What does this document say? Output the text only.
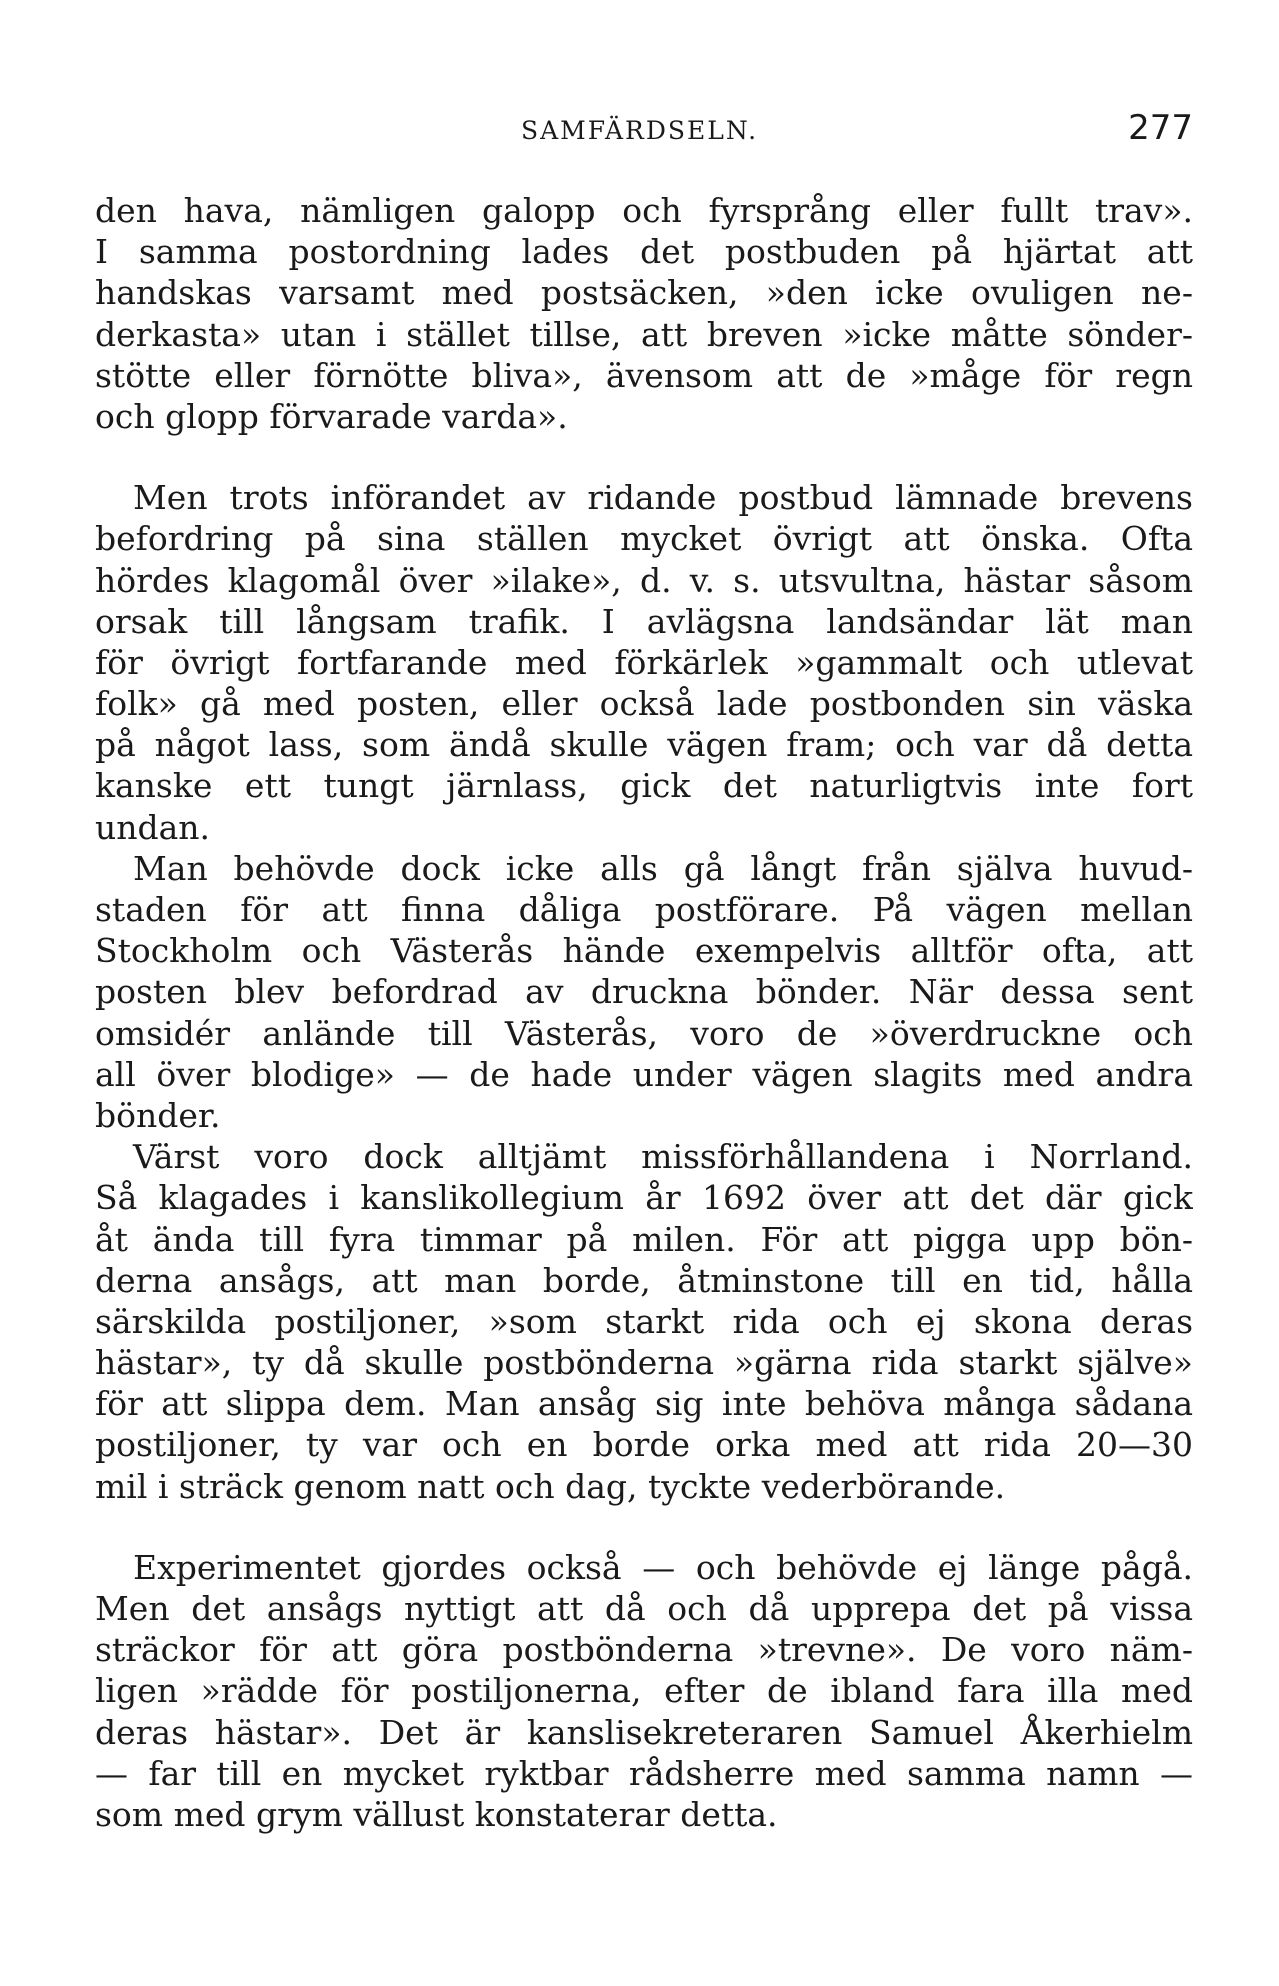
SAMFÄRDSELN.	277
den hava, nämligen galopp och fyrsprång eller fullt trav».
I samma postordning lades det postbuden på hjärtat att
handskas varsamt med postsäcken, »den icke ovuligen ne-
derkasta» utan i stället tillse, att breven »icke måtte sönder-
stötte eller förnötte bliva», ävensom att de »måge för regn
och glopp förvarade varda».
Men trots införandet av ridande postbud lämnade brevens
befordring på sina ställen mycket övrigt att önska. Ofta
hördes klagomål över »ilake», d. v. s. utsvultna, hästar såsom
orsak till långsam trafik. I avlägsna landsändar lät man
för övrigt fortfarande med förkärlek »gammalt och utlevat
folk» gå med posten, eller också lade postbonden sin väska
på något lass, som ändå skulle vägen fram; och var då detta
kanske ett tungt järnlass, gick det naturligtvis inte fort
undan.
Man behövde dock icke alls gå långt från själva huvud-
staden för att finna dåliga postförare. På vägen mellan
Stockholm och Västerås hände exempelvis alltför ofta, att
posten blev befordrad av druckna bönder. När dessa sent
omsidér anlände till Västerås, voro de »överdruckne och
all över blodige» — de hade under vägen slagits med andra
bönder.
Värst voro dock alltjämt missförhållandena i Norrland.
Så klagades i kanslikollegium år 1692 över att det där gick
åt ända till fyra timmar på milen. För att pigga upp bön-
derna ansågs, att man borde, åtminstone till en tid, hålla
särskilda postiljoner, »som starkt rida och ej skona deras
hästar», ty då skulle postbönderna »gärna rida starkt själve»
för att slippa dem. Man ansåg sig inte behöva många sådana
postiljoner, ty var och en borde orka med att rida 20—30
mil i sträck genom natt och dag, tyckte vederbörande.
Experimentet gjordes också — och behövde ej länge pågå.
Men det ansågs nyttigt att då och då upprepa det på vissa
sträckor för att göra postbönderna »trevne». De voro näm-
ligen »rädde för postiljonerna, efter de ibland fara illa med
deras hästar». Det är kanslisekreteraren Samuel Åkerhielm
— far till en mycket ryktbar rådsherre med samma namn —
som med grym vällust konstaterar detta.
